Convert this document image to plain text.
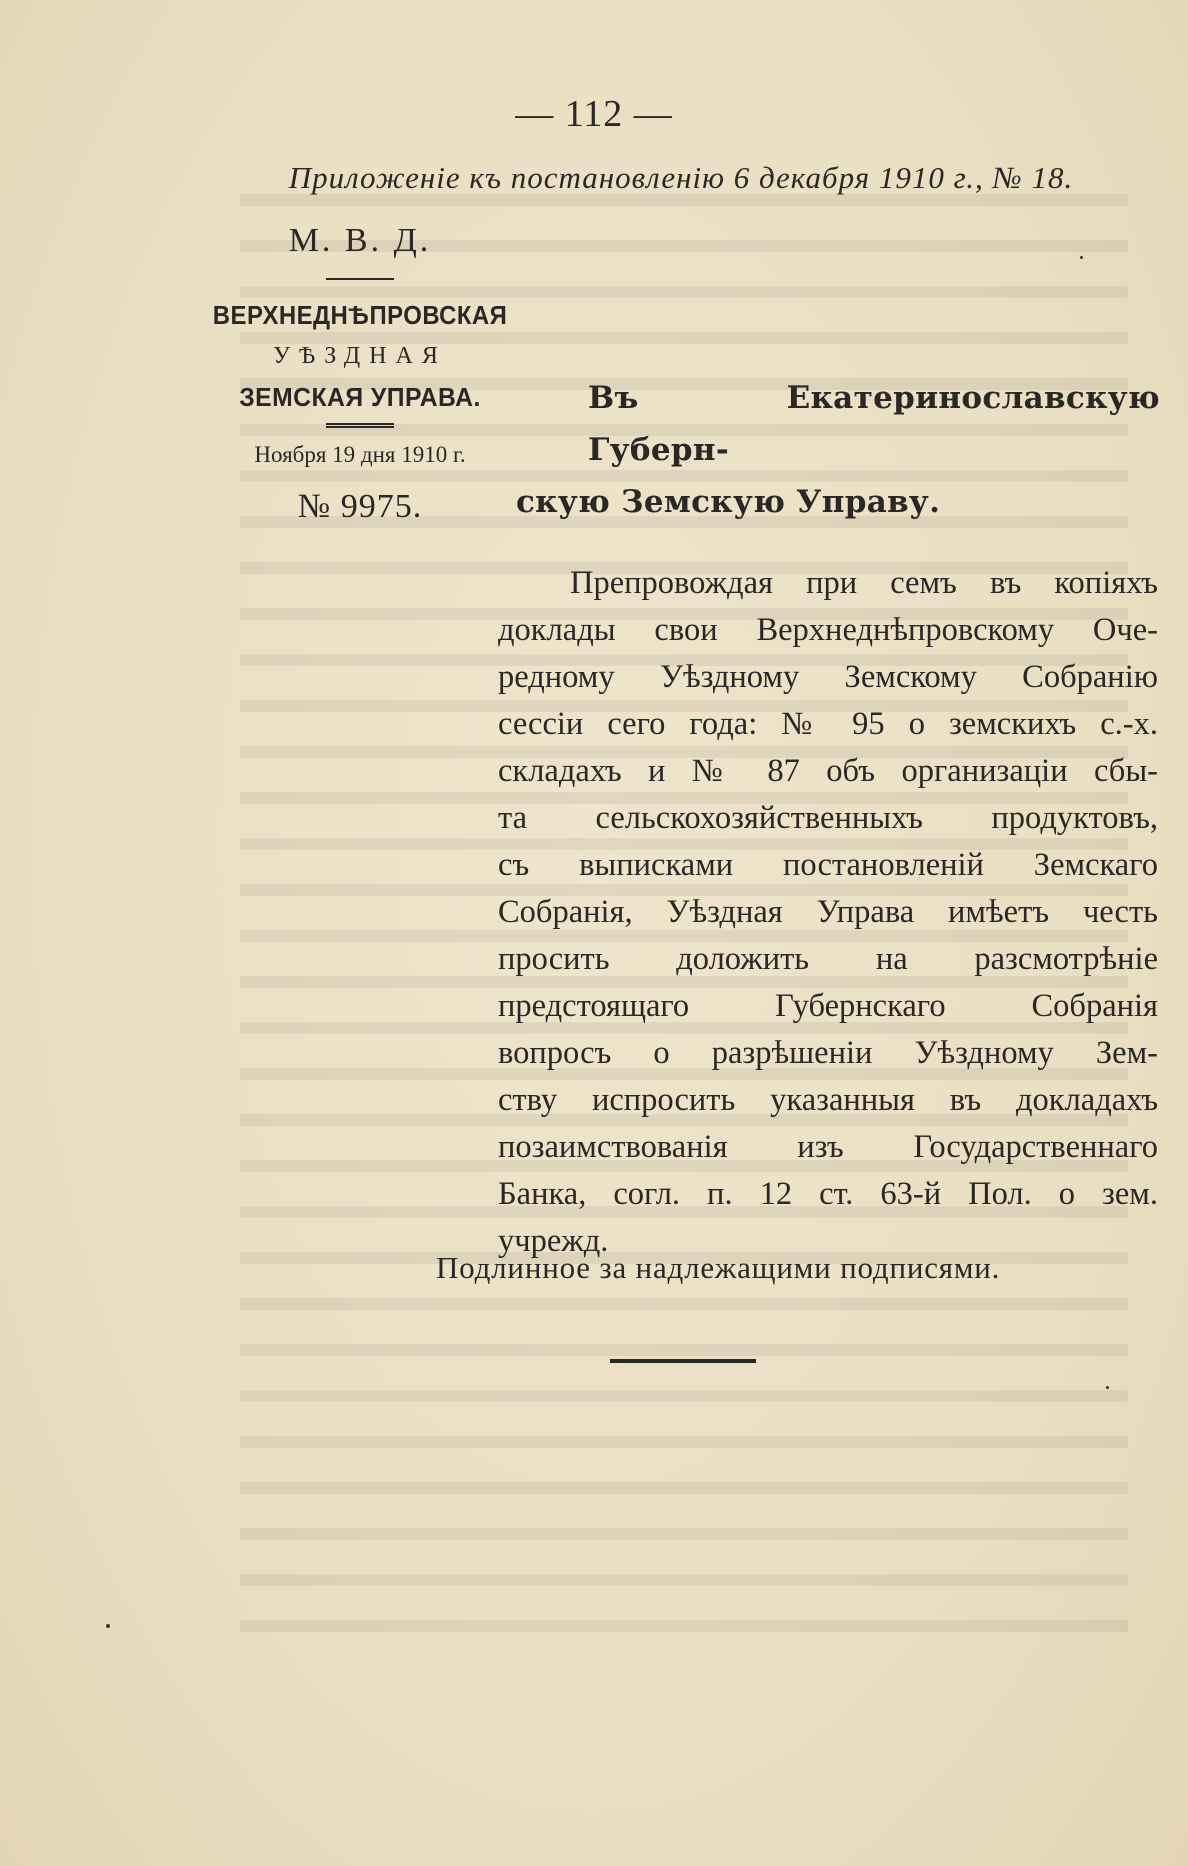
— 112 —
Приложенiе къ постановленiю 6 декабря 1910 г., № 18.
М. В. Д.
ВЕРХНЕДНѢПРОВСКАЯ
УѢЗДНАЯ
ЗЕМСКАЯ УПРАВА.
Ноября 19 дня 1910 г.
№ 9975.
Въ Екатеринославскую Губерн-
скую Земскую Управу.
Препровождая при семъ въ копiяхъ
доклады свои Верхнеднѣпровскому Оче-
редному Уѣздному Земскому Собранiю
сессiи сего года: № 95 о земскихъ с.-х.
складахъ и № 87 объ организацiи сбы-
та сельскохозяйственныхъ продуктовъ,
съ выписками постановленiй Земскаго
Собранiя, Уѣздная Управа имѣетъ честь
просить доложить на разсмотрѣнiе
предстоящаго Губернскаго Собранiя
вопросъ о разрѣшенiи Уѣздному Зем-
ству испросить указанныя въ докладахъ
позаимствованiя изъ Государственнаго
Банка, согл. п. 12 ст. 63-й Пол. о зем.
учрежд.
Подлинное за надлежащими подписями.
